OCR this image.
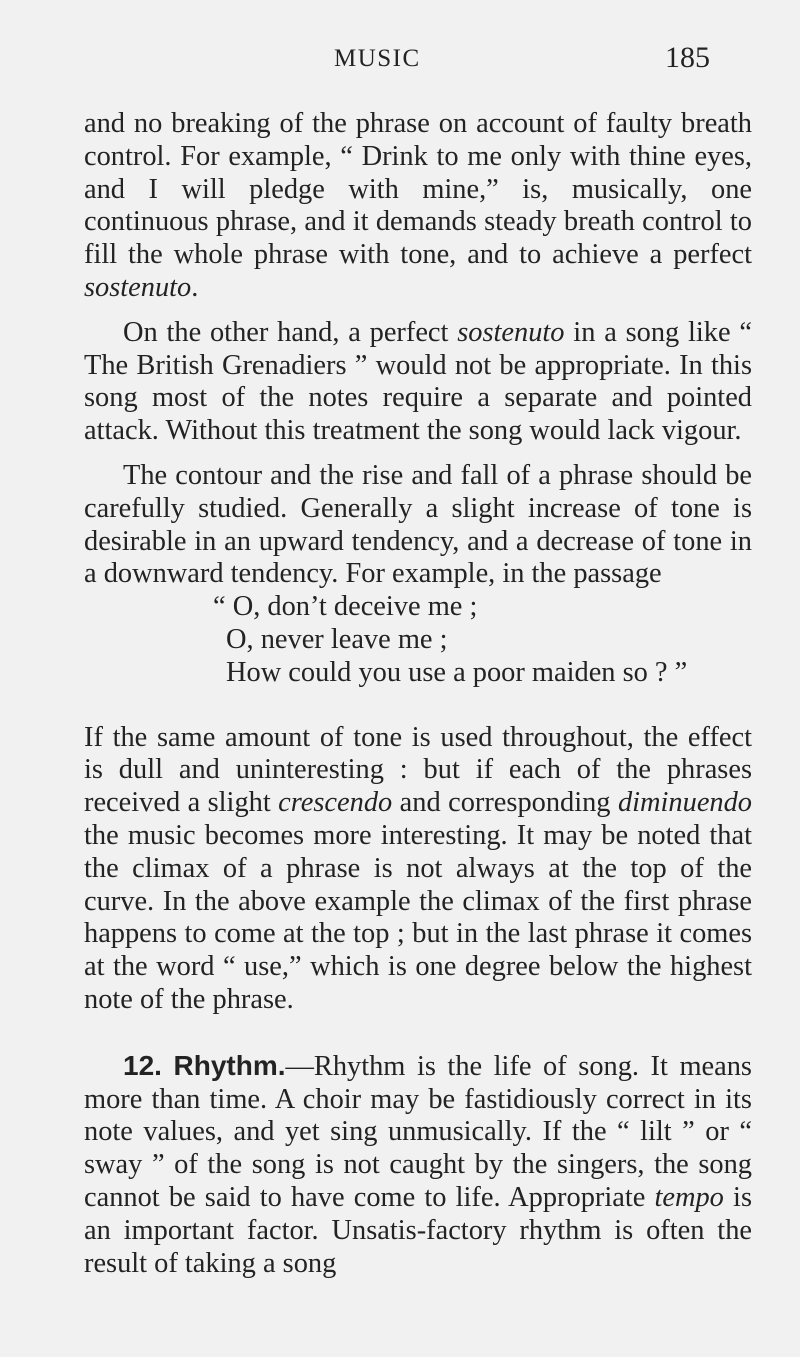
MUSIC	185

and no breaking of the phrase on account of faulty breath control. For example, “ Drink to me only with thine eyes, and I will pledge with mine,” is, musically, one continuous phrase, and it demands steady breath control to fill the whole phrase with tone, and to achieve a perfect sostenuto.

On the other hand, a perfect sostenuto in a song like “ The British Grenadiers ” would not be appropriate. In this song most of the notes require a separate and pointed attack. Without this treatment the song would lack vigour.

The contour and the rise and fall of a phrase should be carefully studied. Generally a slight increase of tone is desirable in an upward tendency, and a decrease of tone in a downward tendency. For example, in the passage

“ O, don’t deceive me ;
O, never leave me ;
How could you use a poor maiden so ? ”

If the same amount of tone is used throughout, the effect is dull and uninteresting : but if each of the phrases received a slight crescendo and corresponding diminuendo the music becomes more interesting. It may be noted that the climax of a phrase is not always at the top of the curve. In the above example the climax of the first phrase happens to come at the top ; but in the last phrase it comes at the word “ use,” which is one degree below the highest note of the phrase.

12. Rhythm.—Rhythm is the life of song. It means more than time. A choir may be fastidiously correct in its note values, and yet sing unmusically. If the “ lilt ” or “ sway ” of the song is not caught by the singers, the song cannot be said to have come to life. Appropriate tempo is an important factor. Unsatis-factory rhythm is often the result of taking a song
